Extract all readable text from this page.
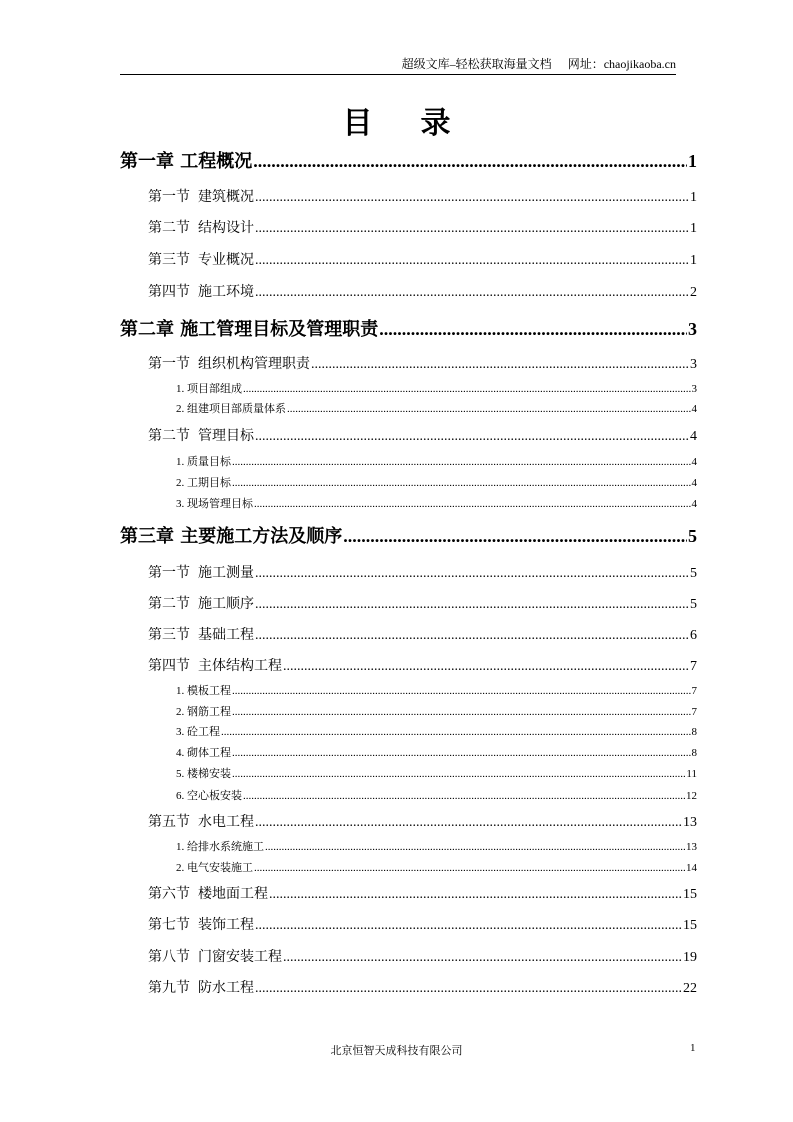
超级文库–轻松获取海量文档 网址：chaojikaoba.cn
目 录
第一章 工程概况 .....	1
第一节 建筑概况 .....	1
第二节 结构设计 .....	1
第三节 专业概况 .....	1
第四节 施工环境 .....	2
第二章 施工管理目标及管理职责 .....	3
第一节 组织机构管理职责 .....	3
1. 项目部组成 .....	3
2. 组建项目部质量体系 .....	4
第二节 管理目标 .....	4
1. 质量目标 .....	4
2. 工期目标 .....	4
3. 现场管理目标 .....	4
第三章 主要施工方法及顺序 .....	5
第一节 施工测量 .....	5
第二节 施工顺序 .....	5
第三节 基础工程 .....	6
第四节 主体结构工程 .....	7
1. 模板工程 .....	7
2. 钢筋工程 .....	7
3. 砼工程 .....	8
4. 砌体工程 .....	8
5. 楼梯安装 .....	11
6. 空心板安装 .....	12
第五节 水电工程 .....	13
1. 给排水系统施工 .....	13
2. 电气安装施工 .....	14
第六节 楼地面工程 .....	15
第七节 装饰工程 .....	15
第八节 门窗安装工程 .....	19
第九节 防水工程 .....	22
北京恒智天成科技有限公司	1
